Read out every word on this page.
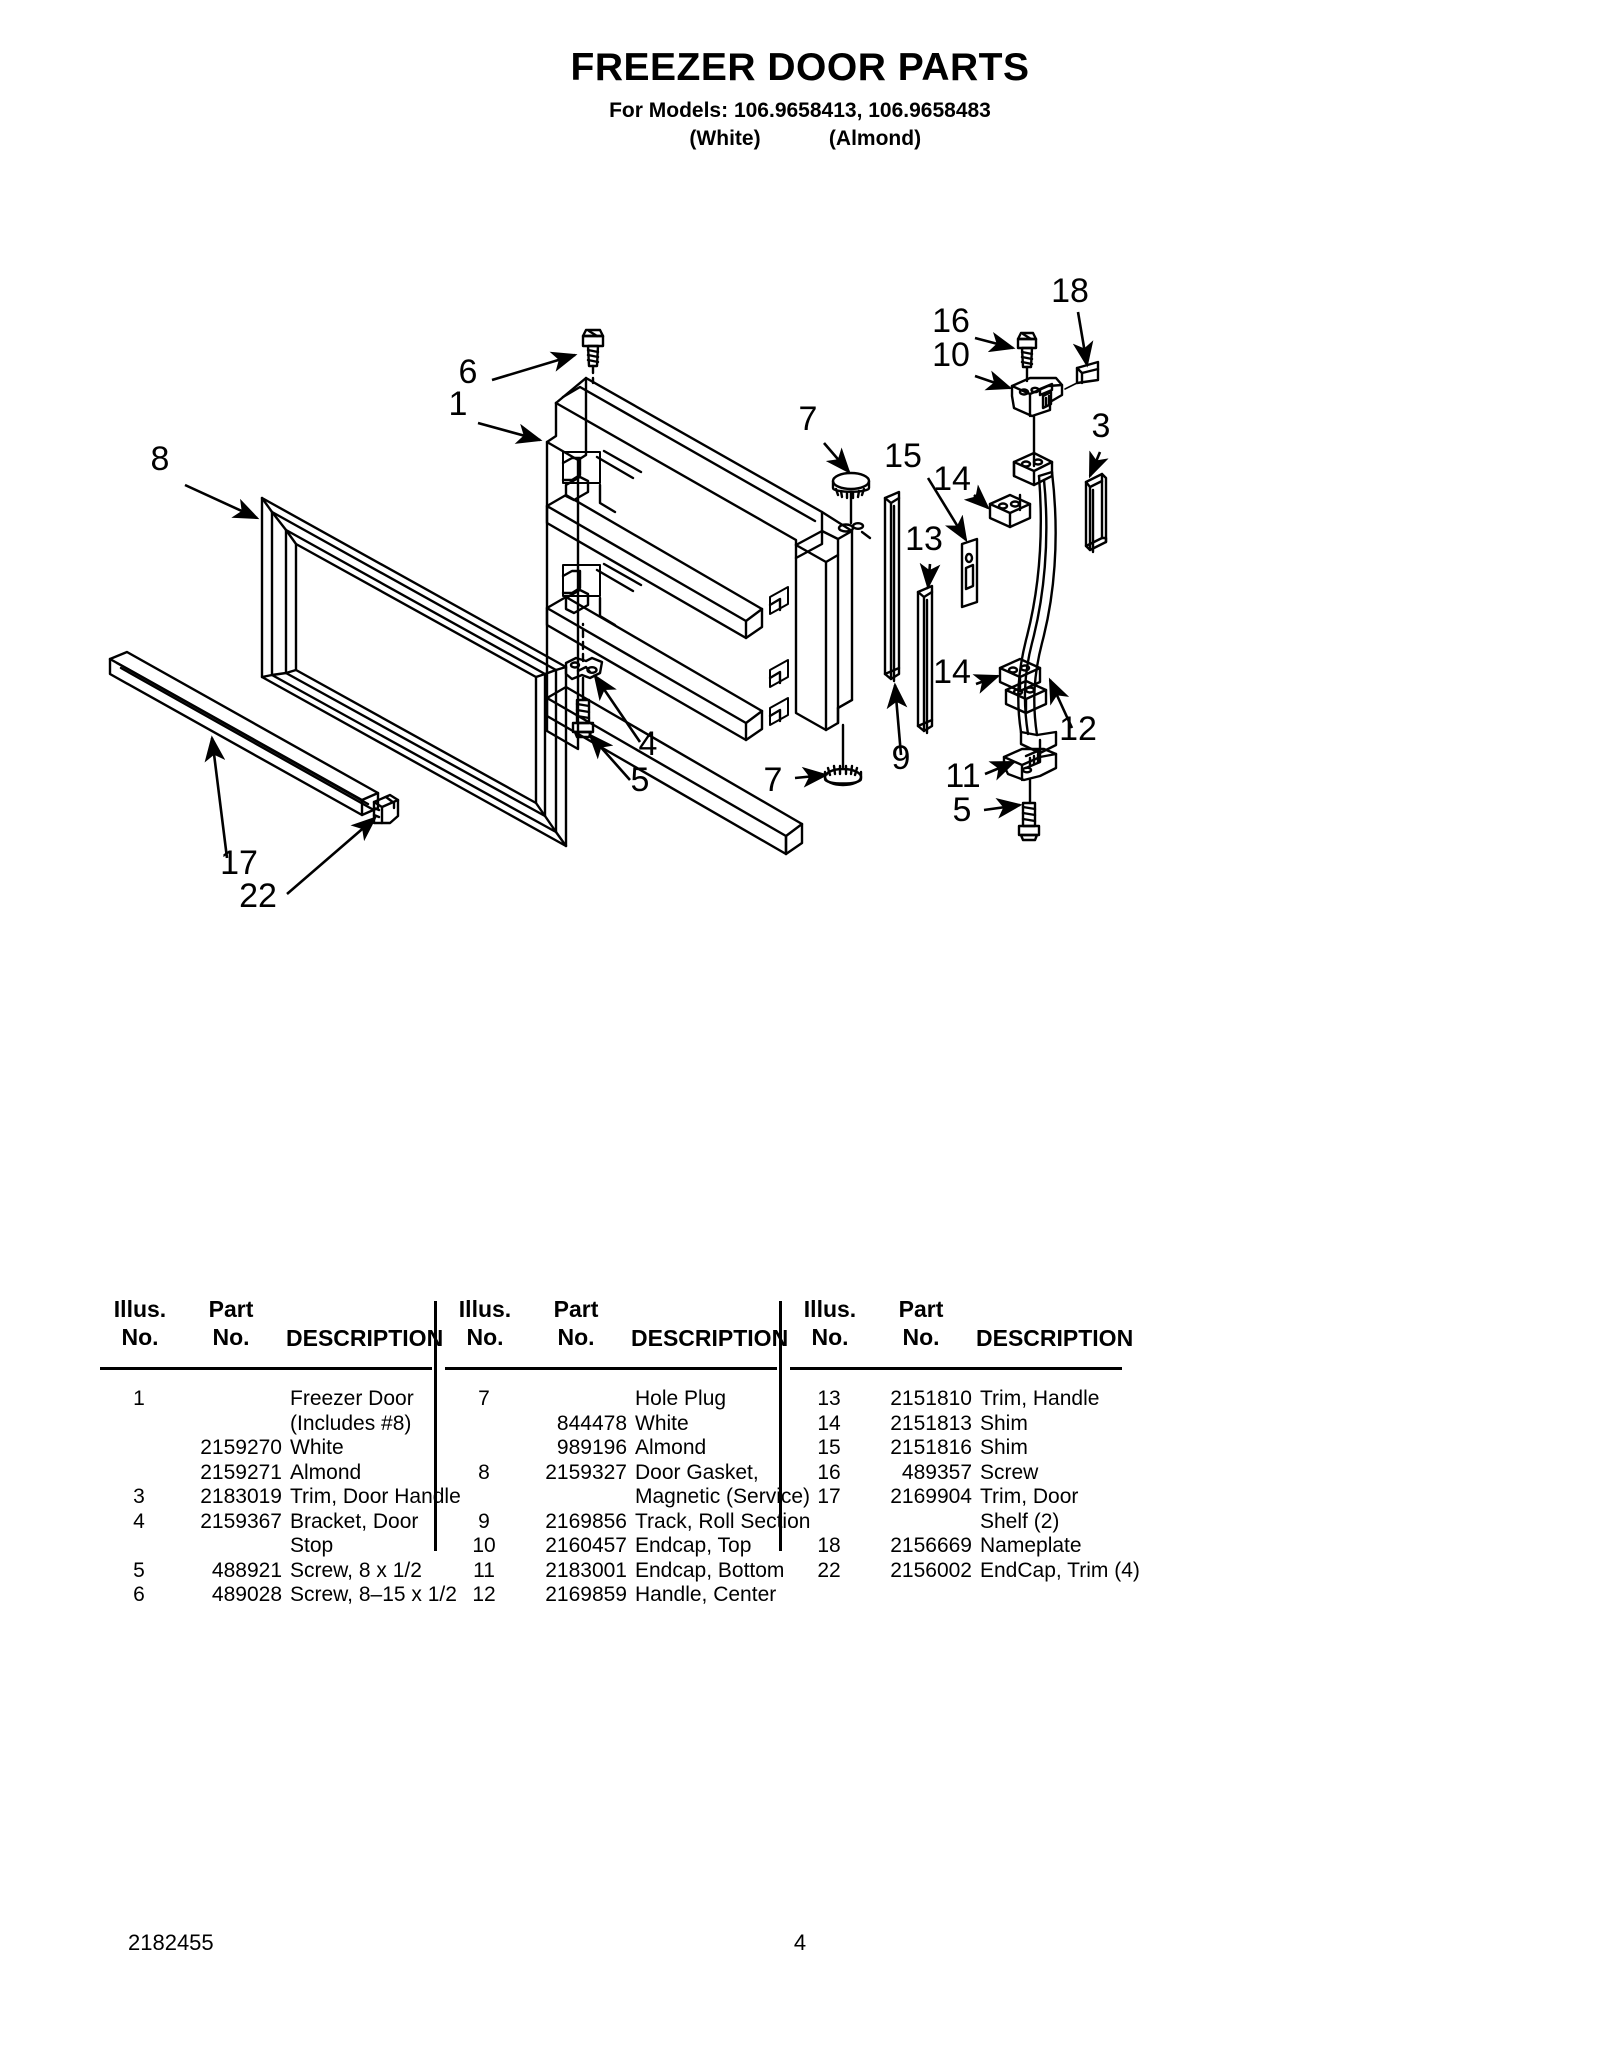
FREEZER DOOR PARTS
For Models: 106.9658413, 106.9658483
(White)	(Almond)
8
6
1	7
15
13
16
10
18
3
14
14
4
5	7
9
12
11
5
17
22
Illus.
No.
Part
No.	DESCRIPTION
1	Freezer Door
(Includes #8)
2159270 White
2159271 Almond
3	2183019 Trim, Door Handle
4	2159367 Bracket, Door
Stop
5	488921 Screw, 8 x 1/2
6	489028 Screw, 8–15 x 1/2
Illus.
No.
Part
No.	DESCRIPTION
7	Hole Plug
844478 White
989196 Almond
8	2159327 Door Gasket,
Magnetic (Service)
9	2169856 Track, Roll Section
10	2160457 Endcap, Top
11	2183001 Endcap, Bottom
12	2169859 Handle, Center
Illus.
No.
Part
No.	DESCRIPTION
13	2151810 Trim, Handle
14	2151813 Shim
15	2151816 Shim
16	489357 Screw
17	2169904 Trim, Door
Shelf (2)
18	2156669 Nameplate
22	2156002 EndCap, Trim (4)
2182455	4
